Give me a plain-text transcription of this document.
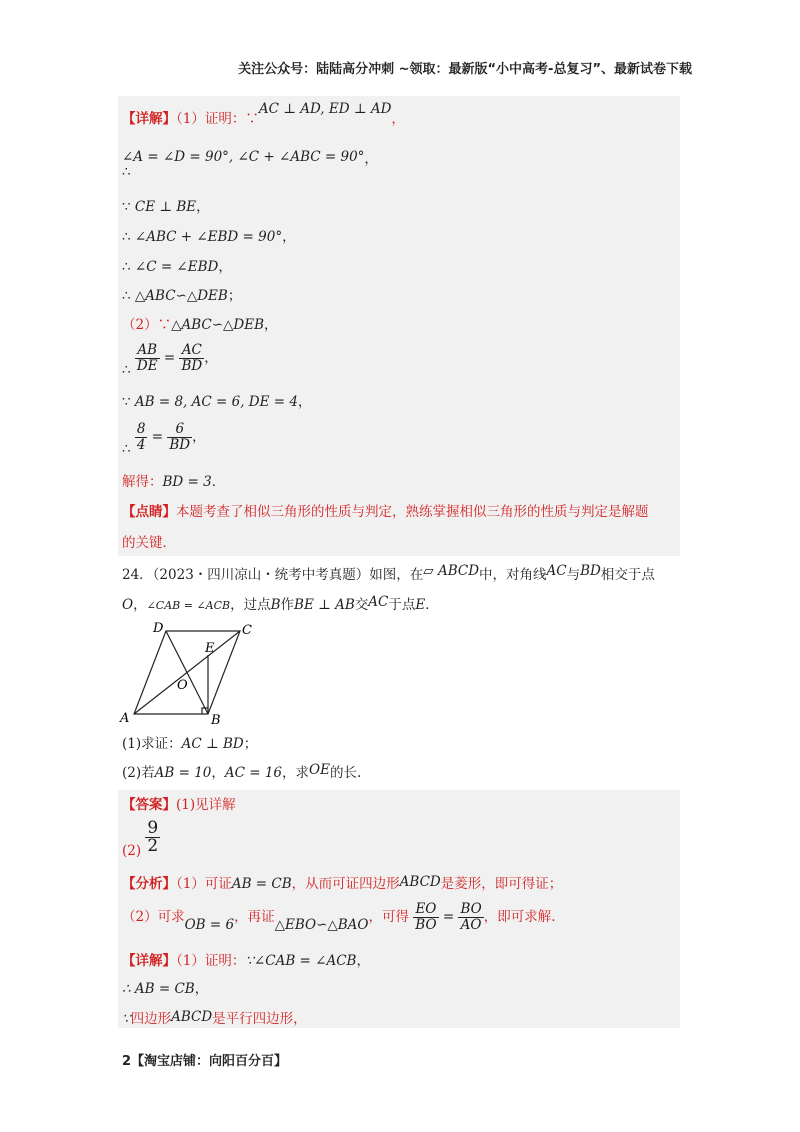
关注公众号：陆陆高分冲刺 ~领取：最新版“小中高考-总复习”、最新试卷下载
【详解】（1）证明：∵AC ⊥ AD, ED ⊥ AD，
∠A = ∠D = 90°, ∠C + ∠ABC = 90°，
∴
∵ CE ⊥ BE，
∴ ∠ABC + ∠EBD = 90°，
∴ ∠C = ∠EBD，
∴ △ABC∽△DEB；
（2）∵△ABC∽△DEB，
∴ $\frac{AB}{DE} = \frac{AC}{BD}$ ，
∵ AB = 8, AC = 6, DE = 4，
∴ $\frac{8}{4} = \frac{6}{BD}$ ，
解得：BD = 3．
【点睛】本题考查了相似三角形的性质与判定，熟练掌握相似三角形的性质与判定是解题
的关键．
24．（2023・四川凉山・统考中考真题）如图，在▱ ABCD中，对角线AC与BD相交于点
O，∠CAB = ∠ACB，过点B作BE ⊥ AB交AC于点E．
A	B
C
D
E
O
(1)求证：AC ⊥ BD；
(2)若AB = 10，AC = 16，求OE的长.
【答案】(1)见详解
$(2) \frac{9}{2}$
【分析】（1）可证AB = CB，从而可证四边形ABCD是菱形，即可得证；
（2）可求OB = 6，再证△EBO∽△BAO，可得 $\frac{EO}{BO} = \frac{BO}{AO}$ ，即可求解.
【详解】（1）证明：∵∠CAB = ∠ACB，
∴ AB = CB，
∵四边形ABCD是平行四边形，
2【淘宝店铺：向阳百分百】
